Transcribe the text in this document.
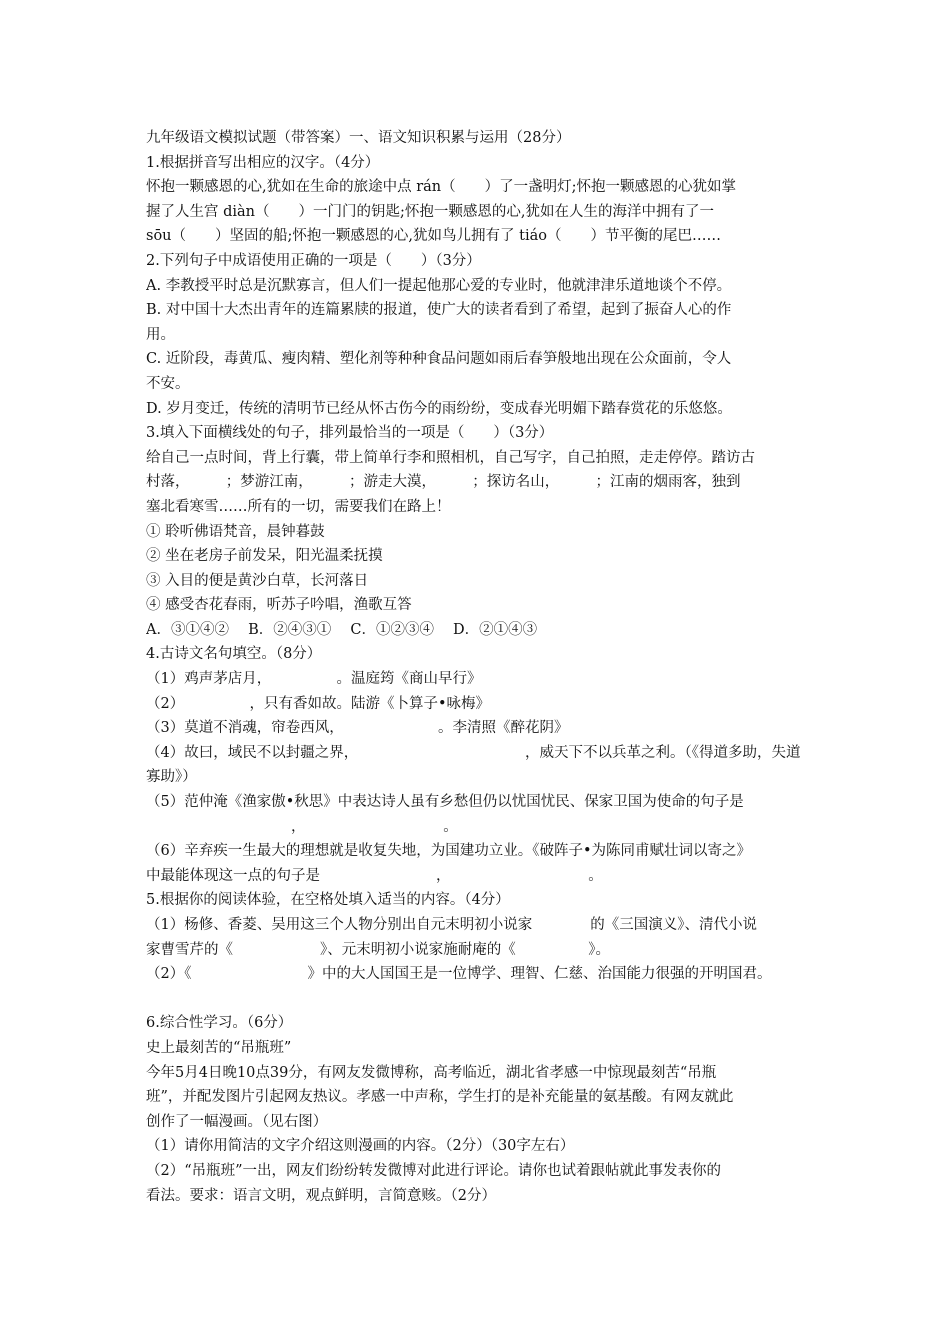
九年级语文模拟试题（带答案）一、语文知识积累与运用（28分）
1.根据拼音写出相应的汉字。（4分）
怀抱一颗感恩的心,犹如在生命的旅途中点 rán（　　）了一盏明灯;怀抱一颗感恩的心犹如掌
握了人生宫 diàn（　　）一门门的钥匙;怀抱一颗感恩的心,犹如在人生的海洋中拥有了一
sōu（　　）坚固的船;怀抱一颗感恩的心,犹如鸟儿拥有了 tiáo（　　）节平衡的尾巴……
2.下列句子中成语使用正确的一项是（　　）（3分）
A. 李教授平时总是沉默寡言，但人们一提起他那心爱的专业时，他就津津乐道地谈个不停。
B. 对中国十大杰出青年的连篇累牍的报道，使广大的读者看到了希望，起到了振奋人心的作
用。
C. 近阶段，毒黄瓜、瘦肉精、塑化剂等种种食品问题如雨后春笋般地出现在公众面前，令人
不安。
D. 岁月变迁，传统的清明节已经从怀古伤今的雨纷纷，变成春光明媚下踏春赏花的乐悠悠。
3.填入下面横线处的句子，排列最恰当的一项是（　　）（3分）
给自己一点时间，背上行囊，带上简单行李和照相机，自己写字，自己拍照，走走停停。踏访古
村落，　　　；梦游江南，　　　；游走大漠，　　　；探访名山，　　　；江南的烟雨客，独到
塞北看寒雪……所有的一切，需要我们在路上！
① 聆听佛语梵音，晨钟暮鼓
② 坐在老房子前发呆，阳光温柔抚摸
③ 入目的便是黄沙白草，长河落日
④ 感受杏花春雨，听苏子吟唱，渔歌互答
A．③①④②　 B．②④③①　 C．①②③④　 D．②①④③
4.古诗文名句填空。（8分）
（1）鸡声茅店月，　　　　　。温庭筠《商山早行》
（2）　　　　　，只有香如故。陆游《卜算子•咏梅》
（3）莫道不消魂，帘卷西风，　　　　　　　。李清照《醉花阴》
（4）故曰，域民不以封疆之界，　　　　　　　　　　　　，威天下不以兵革之利。（《得道多助，失道
寡助》）
（5）范仲淹《渔家傲•秋思》中表达诗人虽有乡愁但仍以忧国忧民、保家卫国为使命的句子是
　　　　　　　　　　，　　　　　　　　　　。
（6）辛弃疾一生最大的理想就是收复失地，为国建功立业。《破阵子•为陈同甫赋壮词以寄之》
中最能体现这一点的句子是　　　　　　　　，　　　　　　　　　　。
5.根据你的阅读体验，在空格处填入适当的内容。（4分）
（1）杨修、香菱、吴用这三个人物分别出自元末明初小说家　　　　的《三国演义》、清代小说
家曹雪芹的《　　　　　　》、元末明初小说家施耐庵的《　　　　　》。
（2）《　　　　　　　　》中的大人国国王是一位博学、理智、仁慈、治国能力很强的开明国君。
6.综合性学习。（6分）
史上最刻苦的“吊瓶班”
今年5月4日晚10点39分，有网友发微博称，高考临近，湖北省孝感一中惊现最刻苦“吊瓶
班”，并配发图片引起网友热议。孝感一中声称，学生打的是补充能量的氨基酸。有网友就此
创作了一幅漫画。（见右图）
（1）请你用简洁的文字介绍这则漫画的内容。（2分）（30字左右）
（2）“吊瓶班”一出，网友们纷纷转发微博对此进行评论。请你也试着跟帖就此事发表你的
看法。要求：语言文明，观点鲜明，言简意赅。（2分）
